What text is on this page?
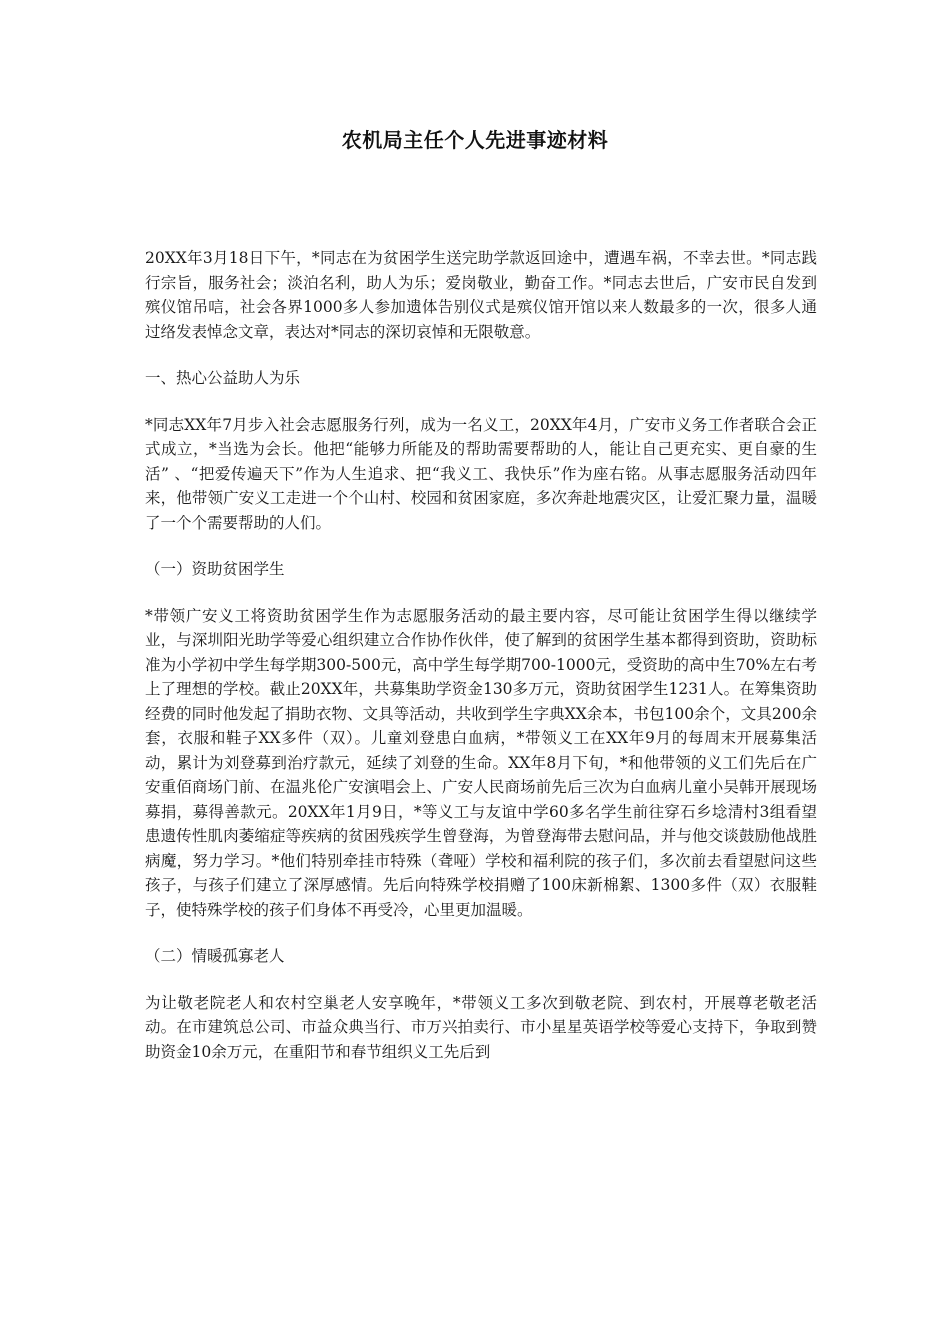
农机局主任个人先进事迹材料

20XX年3月18日下午，*同志在为贫困学生送完助学款返回途中，遭遇车祸，不幸去世。*同志践行宗旨，服务社会；淡泊名利，助人为乐；爱岗敬业，勤奋工作。*同志去世后，广安市民自发到殡仪馆吊唁，社会各界1000多人参加遗体告别仪式是殡仪馆开馆以来人数最多的一次，很多人通过络发表悼念文章，表达对*同志的深切哀悼和无限敬意。

一、热心公益助人为乐

*同志XX年7月步入社会志愿服务行列，成为一名义工，20XX年4月，广安市义务工作者联合会正式成立，*当选为会长。他把“能够力所能及的帮助需要帮助的人，能让自己更充实、更自豪的生活” 、“把爱传遍天下”作为人生追求、把“我义工、我快乐”作为座右铭。从事志愿服务活动四年来，他带领广安义工走进一个个山村、校园和贫困家庭，多次奔赴地震灾区，让爱汇聚力量，温暖了一个个需要帮助的人们。

（一）资助贫困学生

*带领广安义工将资助贫困学生作为志愿服务活动的最主要内容，尽可能让贫困学生得以继续学业，与深圳阳光助学等爱心组织建立合作协作伙伴，使了解到的贫困学生基本都得到资助，资助标准为小学初中学生每学期300-500元，高中学生每学期700-1000元，受资助的高中生70%左右考上了理想的学校。截止20XX年，共募集助学资金130多万元，资助贫困学生1231人。在筹集资助经费的同时他发起了捐助衣物、文具等活动，共收到学生字典XX余本，书包100余个，文具200余套，衣服和鞋子XX多件（双）。儿童刘登患白血病，*带领义工在XX年9月的每周末开展募集活动，累计为刘登募到治疗款元，延续了刘登的生命。XX年8月下旬，*和他带领的义工们先后在广安重佰商场门前、在温兆伦广安演唱会上、广安人民商场前先后三次为白血病儿童小吴韩开展现场募捐，募得善款元。20XX年1月9日，*等义工与友谊中学60多名学生前往穿石乡埝清村3组看望患遗传性肌肉萎缩症等疾病的贫困残疾学生曾登海，为曾登海带去慰问品，并与他交谈鼓励他战胜病魔，努力学习。*他们特别牵挂市特殊（聋哑）学校和福利院的孩子们，多次前去看望慰问这些孩子，与孩子们建立了深厚感情。先后向特殊学校捐赠了100床新棉絮、1300多件（双）衣服鞋子，使特殊学校的孩子们身体不再受冷，心里更加温暖。

（二）情暖孤寡老人

为让敬老院老人和农村空巢老人安享晚年，*带领义工多次到敬老院、到农村，开展尊老敬老活动。在市建筑总公司、市益众典当行、市万兴拍卖行、市小星星英语学校等爱心支持下，争取到赞助资金10余万元，在重阳节和春节组织义工先后到
